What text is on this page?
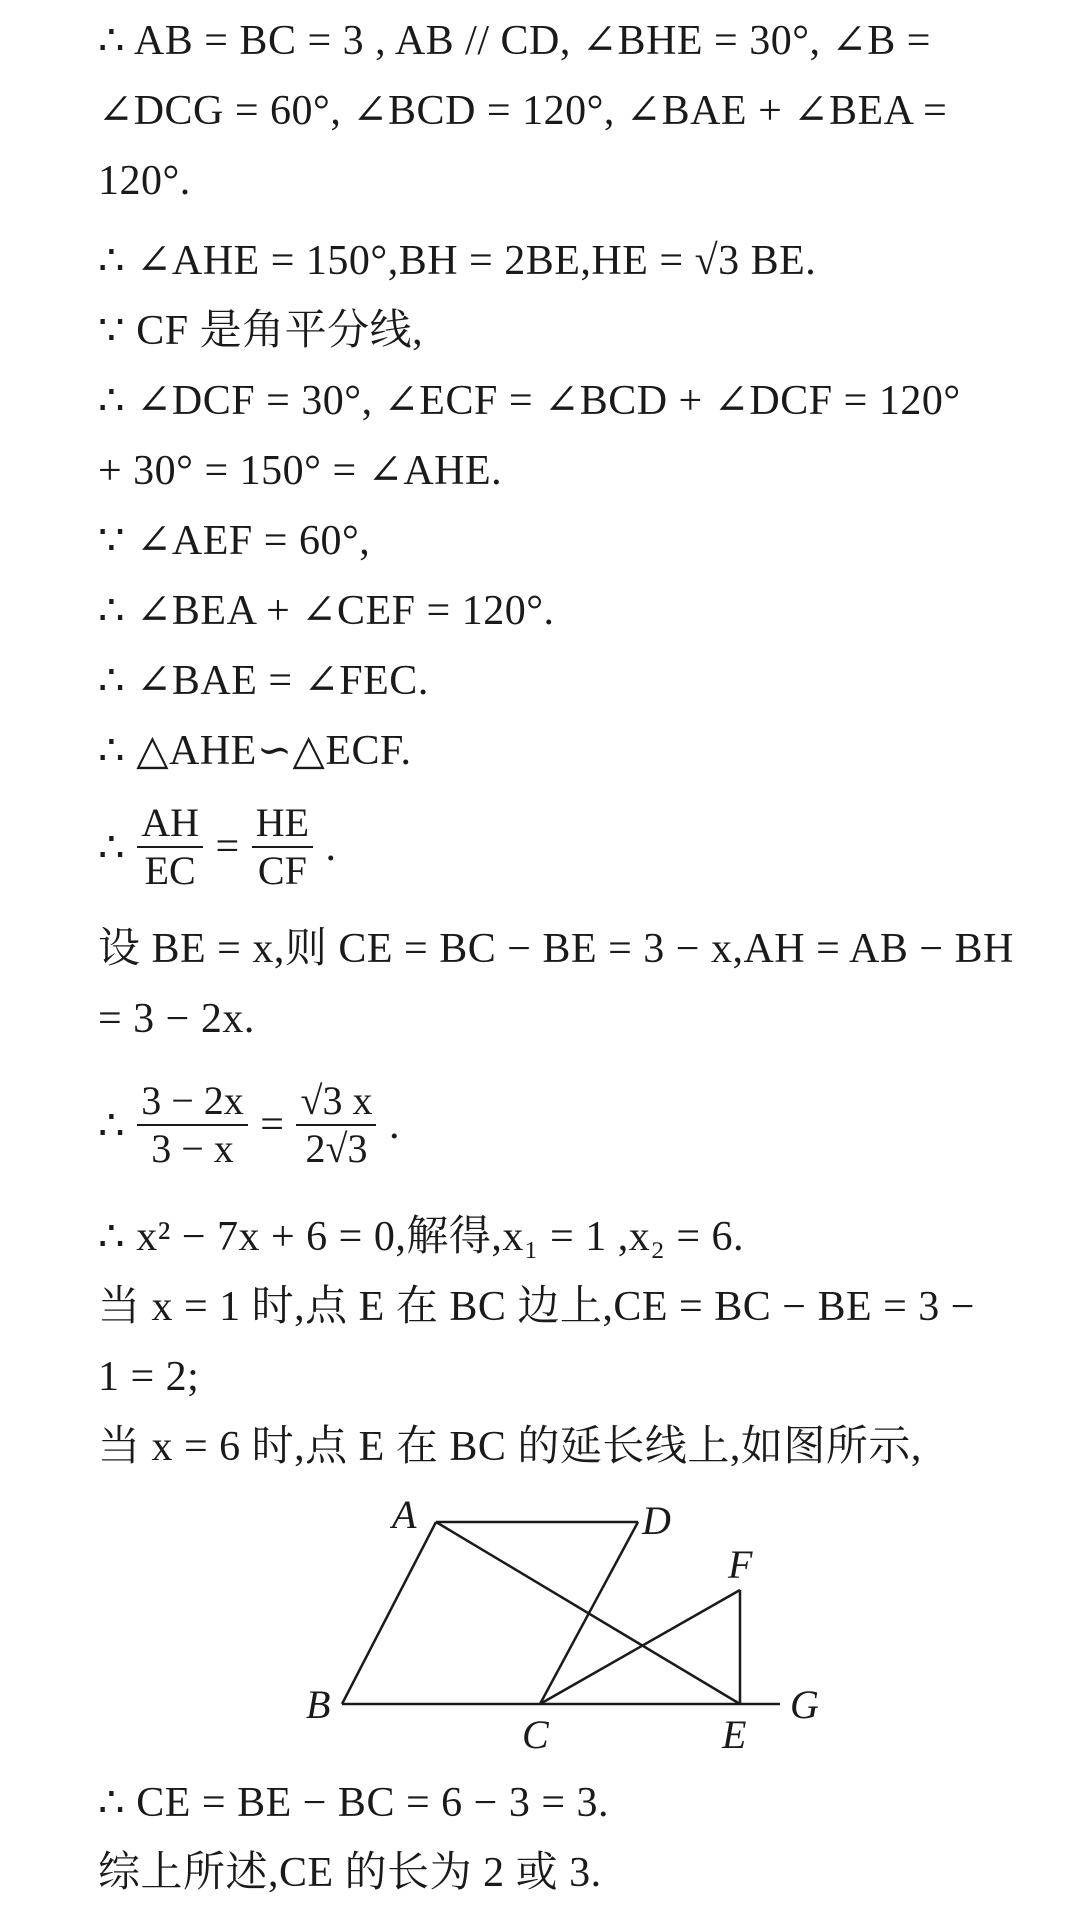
∴ AB = BC = 3 , AB // CD, ∠BHE = 30°, ∠B =
∠DCG = 60°, ∠BCD = 120°, ∠BAE + ∠BEA =
120°.
∴ ∠AHE = 150°,BH = 2BE,HE = √3 BE.
∵ CF 是角平分线,
∴ ∠DCF = 30°, ∠ECF = ∠BCD + ∠DCF = 120°
+ 30° = 150° = ∠AHE.
∵ ∠AEF = 60°,
∴ ∠BEA + ∠CEF = 120°.
∴ ∠BAE = ∠FEC.
∴ △AHE∽△ECF.
∴ $\frac{AH}{EC} = \frac{HE}{CF}$ .
设 BE = x,则 CE = BC − BE = 3 − x,AH = AB − BH
= 3 − 2x.
∴ $\frac{3 - 2x}{3 - x} = \frac{√3 x}{2√3}$ .
∴ x² − 7x + 6 = 0,解得,x₁ = 1 ,x₂ = 6.
当 x = 1 时,点 E 在 BC 边上,CE = BC − BE = 3 −
1 = 2;
当 x = 6 时,点 E 在 BC 的延长线上,如图所示,
A	D
F
B
C	E
G
∴ CE = BE − BC = 6 − 3 = 3.
综上所述,CE 的长为 2 或 3.
